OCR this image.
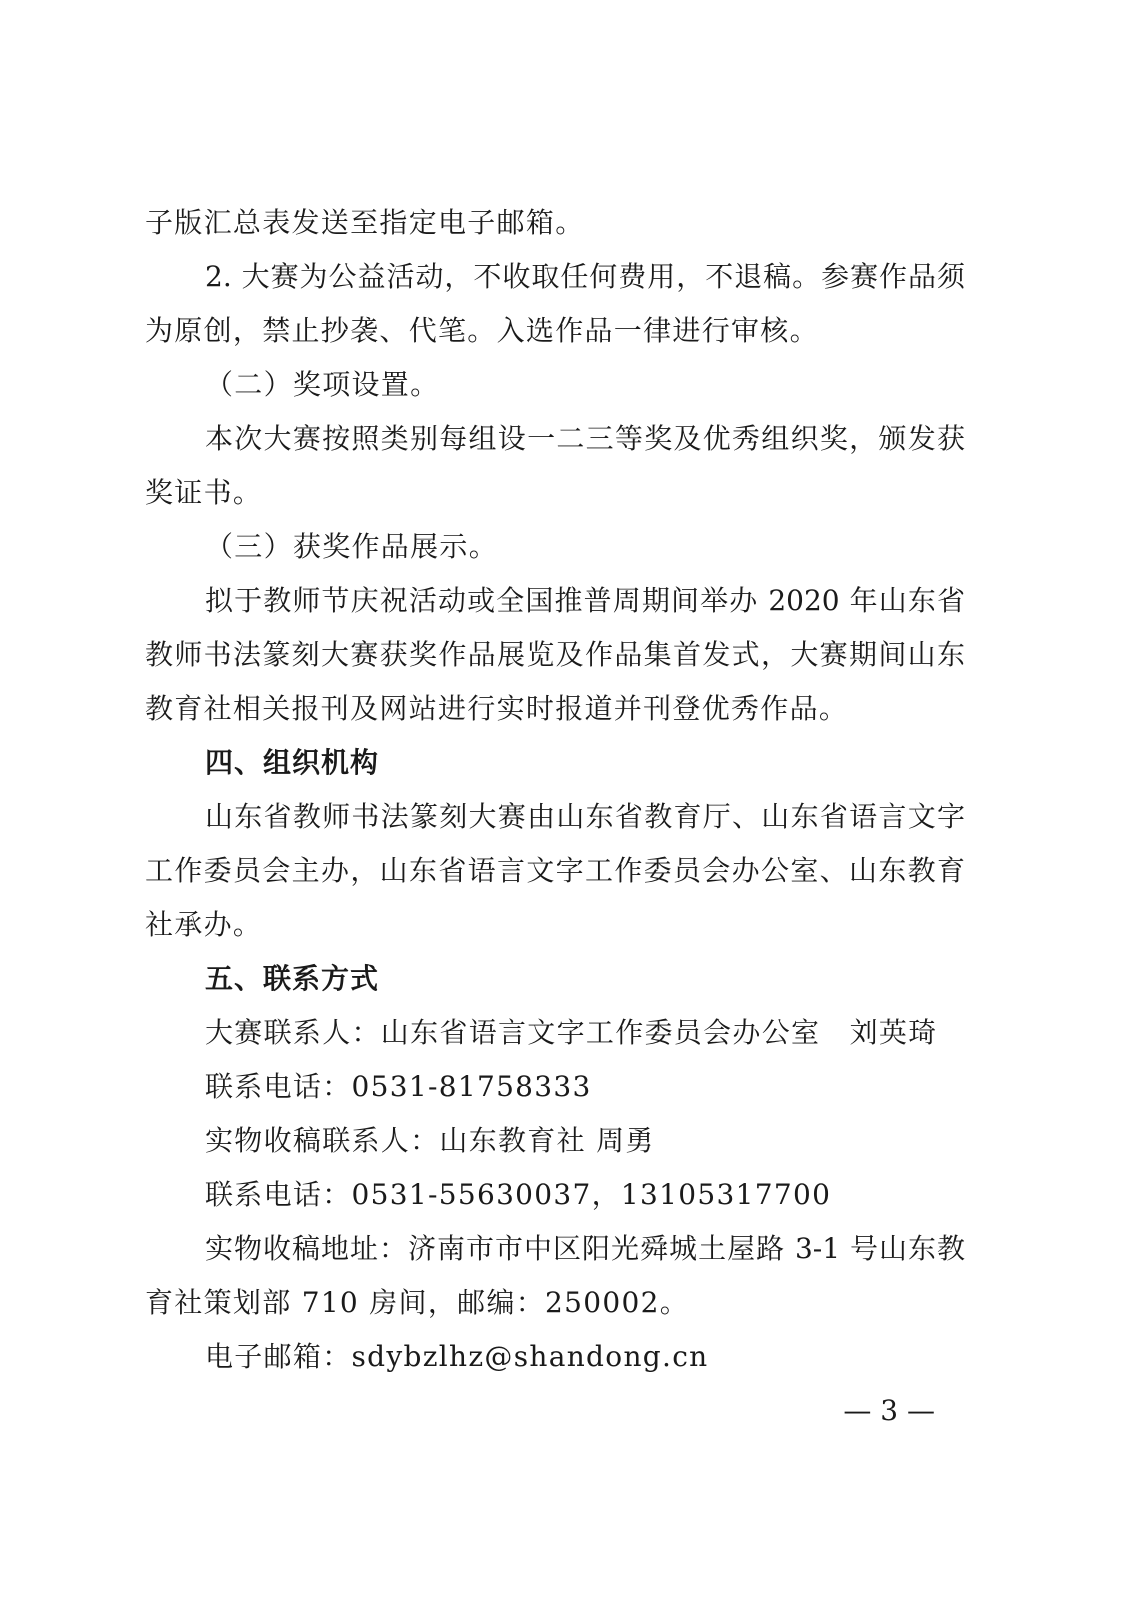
子版汇总表发送至指定电子邮箱。
2. 大赛为公益活动，不收取任何费用，不退稿。参赛作品须
为原创，禁止抄袭、代笔。入选作品一律进行审核。
（二）奖项设置。
本次大赛按照类别每组设一二三等奖及优秀组织奖，颁发获
奖证书。
（三）获奖作品展示。
拟于教师节庆祝活动或全国推普周期间举办 2020 年山东省
教师书法篆刻大赛获奖作品展览及作品集首发式，大赛期间山东
教育社相关报刊及网站进行实时报道并刊登优秀作品。
四、组织机构
山东省教师书法篆刻大赛由山东省教育厅、山东省语言文字
工作委员会主办，山东省语言文字工作委员会办公室、山东教育
社承办。
五、联系方式
大赛联系人：山东省语言文字工作委员会办公室　刘英琦
联系电话：0531-81758333
实物收稿联系人：山东教育社 周勇
联系电话：0531-55630037，13105317700
实物收稿地址：济南市市中区阳光舜城土屋路 3-1 号山东教
育社策划部 710 房间，邮编：250002。
电子邮箱：sdybzlhz@shandong.cn
— 3 —
